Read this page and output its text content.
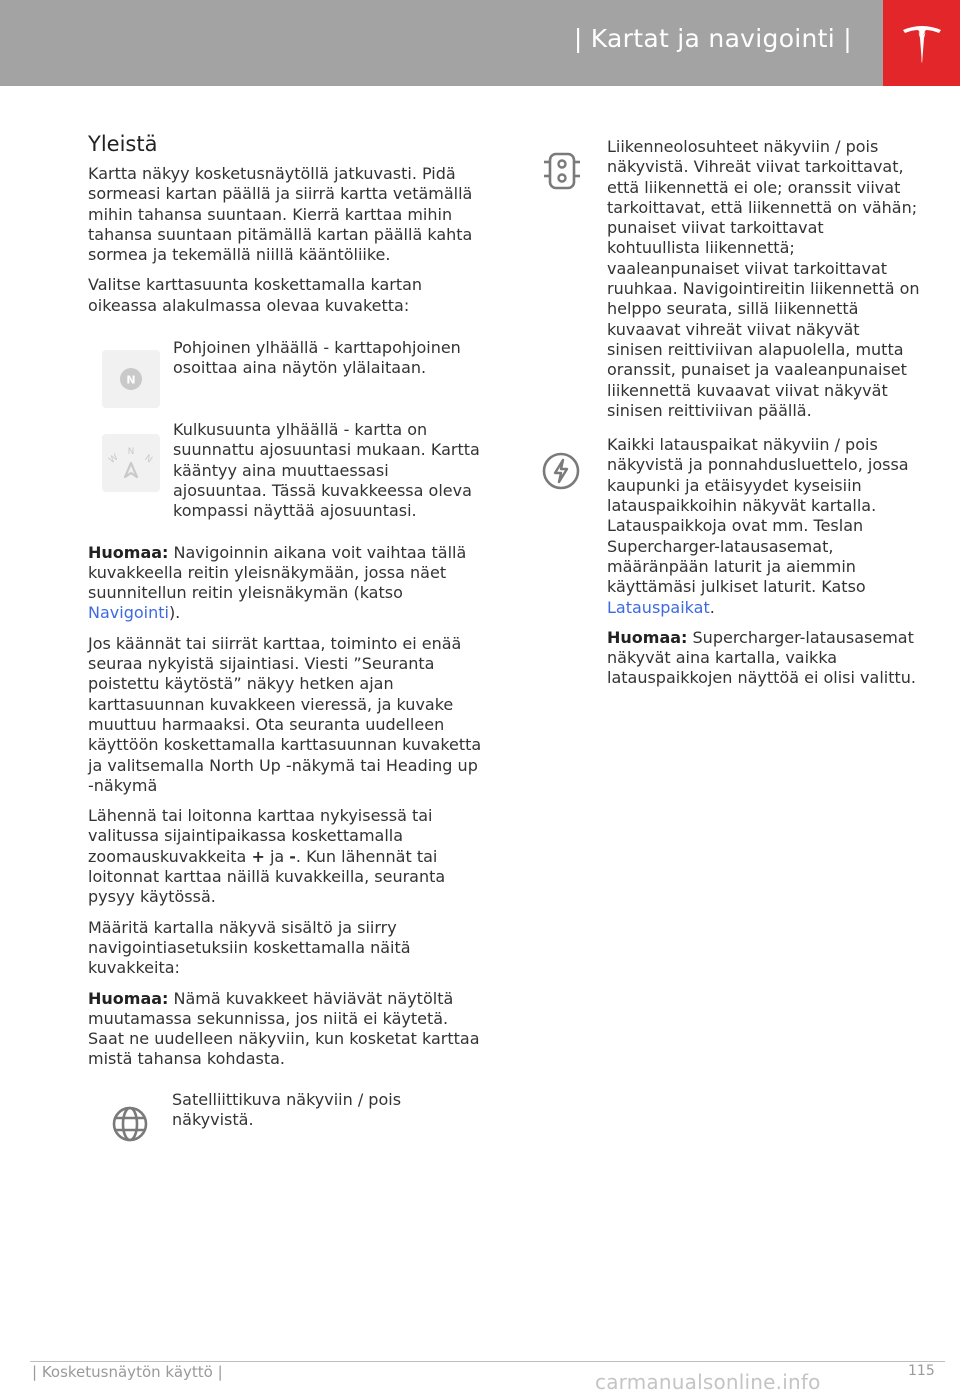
| Kartat ja navigointi |
Yleistä

Kartta näkyy kosketusnäytöllä jatkuvasti. Pidä sormeasi kartan päällä ja siirrä kartta vetämällä mihin tahansa suuntaan. Kierrä karttaa mihin tahansa suuntaan pitämällä kartan päällä kahta sormea ja tekemällä niillä kääntöliike.

Valitse karttasuunta koskettamalla kartan oikeassa alakulmassa olevaa kuvaketta:

N
Pohjoinen ylhäällä - karttapohjoinen osoittaa aina näytön ylälaitaan.
W
N
N
Kulkusuunta ylhäällä - kartta on suunnattu ajosuuntasi mukaan. Kartta kääntyy aina muuttaessasi ajosuuntaa. Tässä kuvakkeessa oleva kompassi näyttää ajosuuntasi.

Huomaa: Navigoinnin aikana voit vaihtaa tällä kuvakkeella reitin yleisnäkymään, jossa näet suunnitellun reitin yleisnäkymän (katso Navigointi).

Jos käännät tai siirrät karttaa, toiminto ei enää seuraa nykyistä sijaintiasi. Viesti ”Seuranta poistettu käytöstä” näkyy hetken ajan karttasuunnan kuvakkeen vieressä, ja kuvake muuttuu harmaaksi. Ota seuranta uudelleen käyttöön koskettamalla karttasuunnan kuvaketta ja valitsemalla North Up -näkymä tai Heading up -näkymä

Lähennä tai loitonna karttaa nykyisessä tai valitussa sijaintipaikassa koskettamalla zoomauskuvakkeita + ja -. Kun lähennät tai loitonnat karttaa näillä kuvakkeilla, seuranta pysyy käytössä.

Määritä kartalla näkyvä sisältö ja siirry navigointiasetuksiin koskettamalla näitä kuvakkeita:

Huomaa: Nämä kuvakkeet häviävät näytöltä muutamassa sekunnissa, jos niitä ei käytetä. Saat ne uudelleen näkyviin, kun kosketat karttaa mistä tahansa kohdasta.

Satelliittikuva näkyviin / pois näkyvistä.
Liikenneolosuhteet näkyviin / pois näkyvistä. Vihreät viivat tarkoittavat, että liikennettä ei ole; oranssit viivat tarkoittavat, että liikennettä on vähän; punaiset viivat tarkoittavat kohtuullista liikennettä; vaaleanpunaiset viivat tarkoittavat ruuhkaa. Navigointireitin liikennettä on helppo seurata, sillä liikennettä kuvaavat vihreät viivat näkyvät sinisen reittiviivan alapuolella, mutta oranssit, punaiset ja vaaleanpunaiset liikennettä kuvaavat viivat näkyvät sinisen reittiviivan päällä.

Kaikki latauspaikat näkyviin / pois näkyvistä ja ponnahdusluettelo, jossa kaupunki ja etäisyydet kyseisiin latauspaikkoihin näkyvät kartalla. Latauspaikkoja ovat mm. Teslan Supercharger-latausasemat, määränpään laturit ja aiemmin käyttämäsi julkiset laturit. Katso Latauspaikat.

Huomaa: Supercharger-latausasemat näkyvät aina kartalla, vaikka latauspaikkojen näyttöä ei olisi valittu.

| Kosketusnäytön käyttö |	115
carmanualsonline.info
